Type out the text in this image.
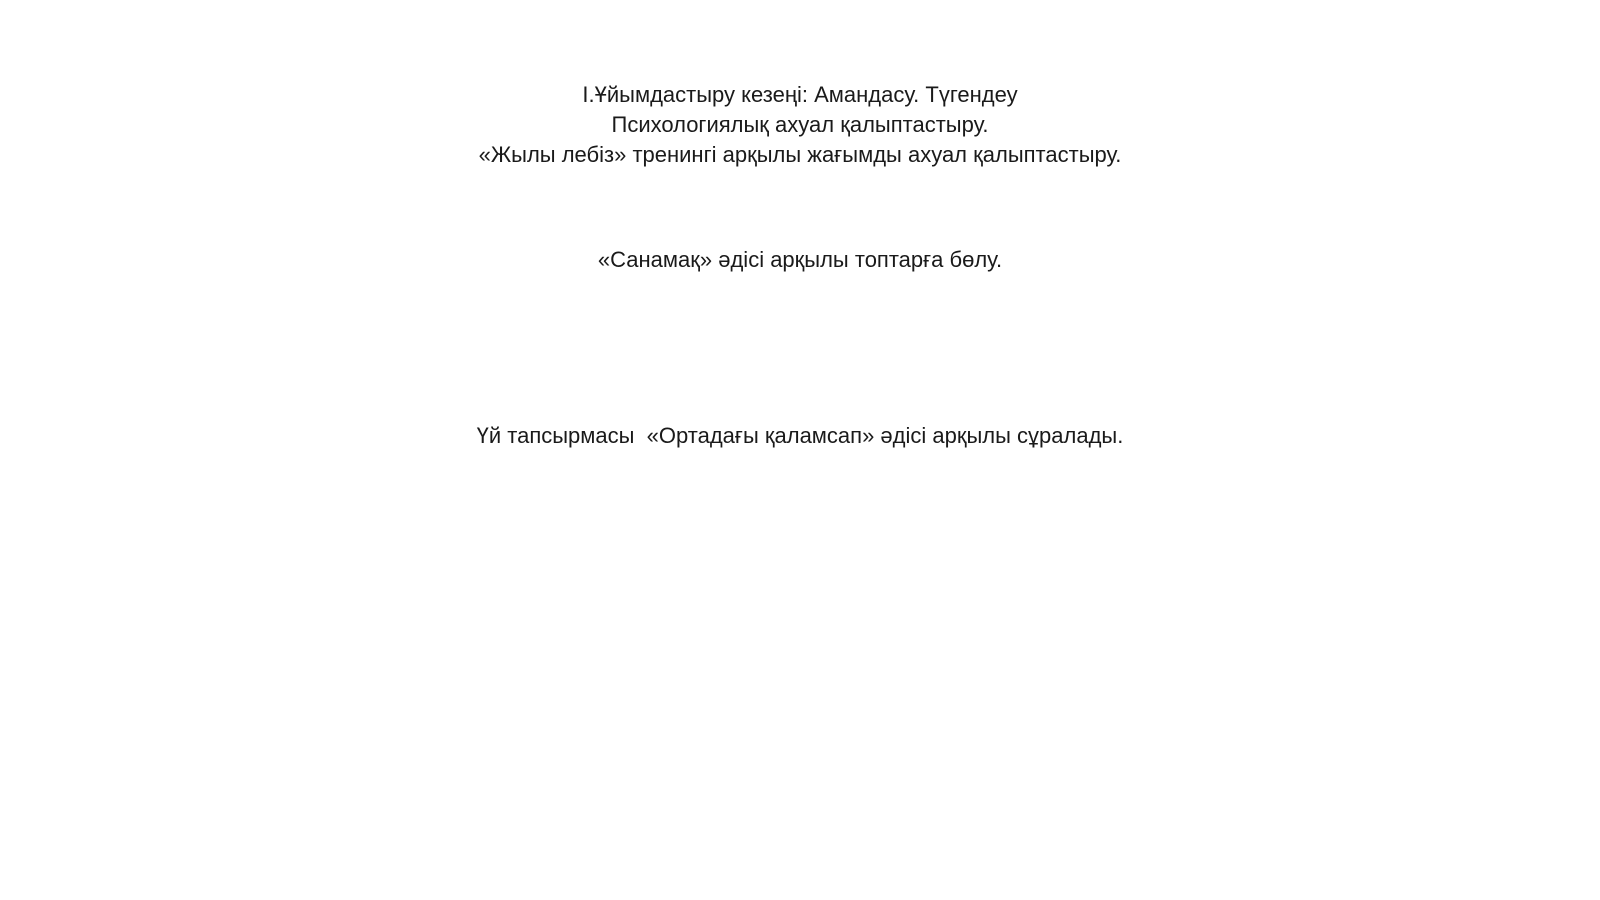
I.Ұйымдастыру кезеңі: Амандасу. Түгендеу
Психологиялық ахуал қалыптастыру.
«Жылы лебіз» тренингі арқылы жағымды ахуал қалыптастыру.
«Санамақ» әдісі арқылы топтарға бөлу.
Үй тапсырмасы  «Ортадағы қаламсап» әдісі арқылы сұралады.
